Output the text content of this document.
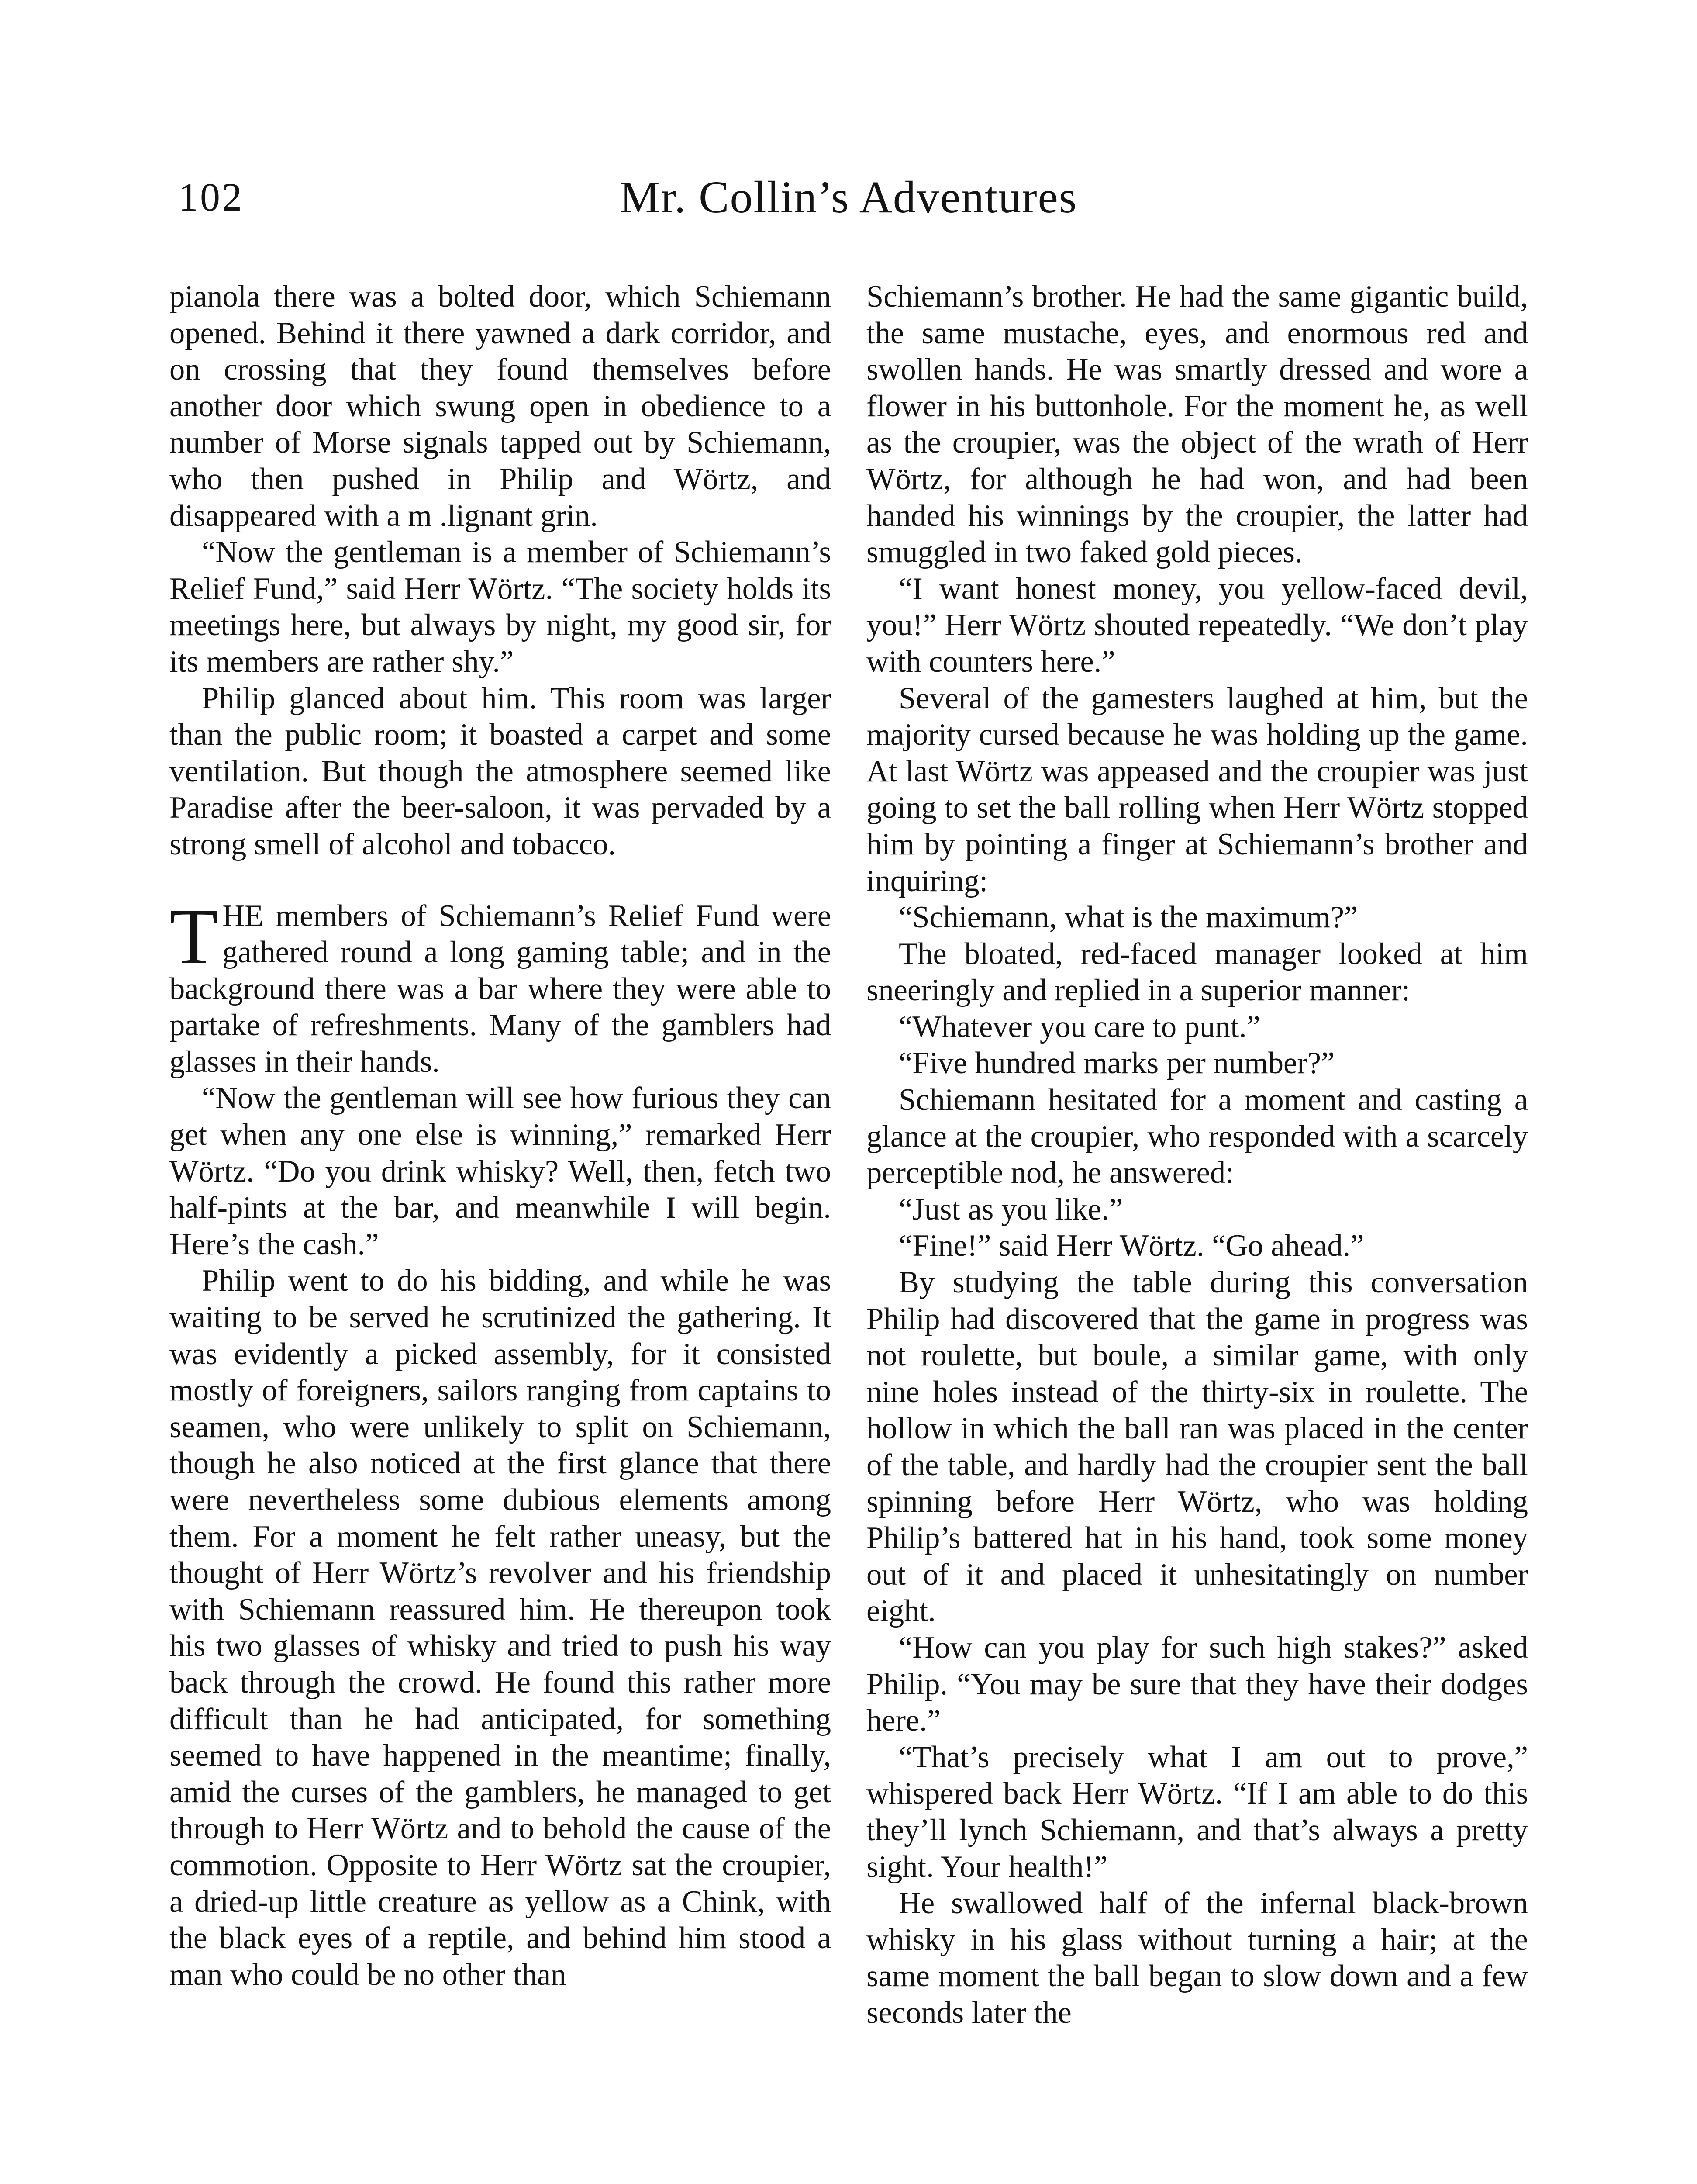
102	Mr. Collin’s Adventures

pianola there was a bolted door, which Schiemann opened. Behind it there yawned a dark corridor, and on crossing that they found themselves before another door which swung open in obedience to a number of Morse signals tapped out by Schiemann, who then pushed in Philip and Wörtz, and disappeared with a m .lignant grin.

“Now the gentleman is a member of Schiemann’s Relief Fund,” said Herr Wörtz. “The society holds its meetings here, but always by night, my good sir, for its members are rather shy.”

Philip glanced about him. This room was larger than the public room; it boasted a carpet and some ventilation. But though the atmosphere seemed like Paradise after the beer-saloon, it was pervaded by a strong smell of alcohol and tobacco.

THE members of Schiemann’s Relief Fund were gathered round a long gaming table; and in the background there was a bar where they were able to partake of refreshments. Many of the gamblers had glasses in their hands.

“Now the gentleman will see how furious they can get when any one else is winning,” remarked Herr Wörtz. “Do you drink whisky? Well, then, fetch two half-pints at the bar, and meanwhile I will begin. Here’s the cash.”

Philip went to do his bidding, and while he was waiting to be served he scrutinized the gathering. It was evidently a picked assembly, for it consisted mostly of foreigners, sailors ranging from captains to seamen, who were unlikely to split on Schiemann, though he also noticed at the first glance that there were nevertheless some dubious elements among them. For a moment he felt rather uneasy, but the thought of Herr Wörtz’s revolver and his friendship with Schiemann reassured him. He thereupon took his two glasses of whisky and tried to push his way back through the crowd. He found this rather more difficult than he had anticipated, for something seemed to have happened in the meantime; finally, amid the curses of the gamblers, he managed to get through to Herr Wörtz and to behold the cause of the commotion. Opposite to Herr Wörtz sat the croupier, a dried-up little creature as yellow as a Chink, with the black eyes of a reptile, and behind him stood a man who could be no other than

Schiemann’s brother. He had the same gigantic build, the same mustache, eyes, and enormous red and swollen hands. He was smartly dressed and wore a flower in his buttonhole. For the moment he, as well as the croupier, was the object of the wrath of Herr Wörtz, for although he had won, and had been handed his winnings by the croupier, the latter had smuggled in two faked gold pieces.

“I want honest money, you yellow-faced devil, you!” Herr Wörtz shouted repeatedly. “We don’t play with counters here.”

Several of the gamesters laughed at him, but the majority cursed because he was holding up the game. At last Wörtz was appeased and the croupier was just going to set the ball rolling when Herr Wörtz stopped him by pointing a finger at Schiemann’s brother and inquiring:

“Schiemann, what is the maximum?”

The bloated, red-faced manager looked at him sneeringly and replied in a superior manner:

“Whatever you care to punt.”

“Five hundred marks per number?”

Schiemann hesitated for a moment and casting a glance at the croupier, who responded with a scarcely perceptible nod, he answered:

“Just as you like.”

“Fine!” said Herr Wörtz. “Go ahead.”

By studying the table during this conversation Philip had discovered that the game in progress was not roulette, but boule, a similar game, with only nine holes instead of the thirty-six in roulette. The hollow in which the ball ran was placed in the center of the table, and hardly had the croupier sent the ball spinning before Herr Wörtz, who was holding Philip’s battered hat in his hand, took some money out of it and placed it unhesitatingly on number eight.

“How can you play for such high stakes?” asked Philip. “You may be sure that they have their dodges here.”

“That’s precisely what I am out to prove,” whispered back Herr Wörtz. “If I am able to do this they’ll lynch Schiemann, and that’s always a pretty sight. Your health!”

He swallowed half of the infernal black-brown whisky in his glass without turning a hair; at the same moment the ball began to slow down and a few seconds later the
